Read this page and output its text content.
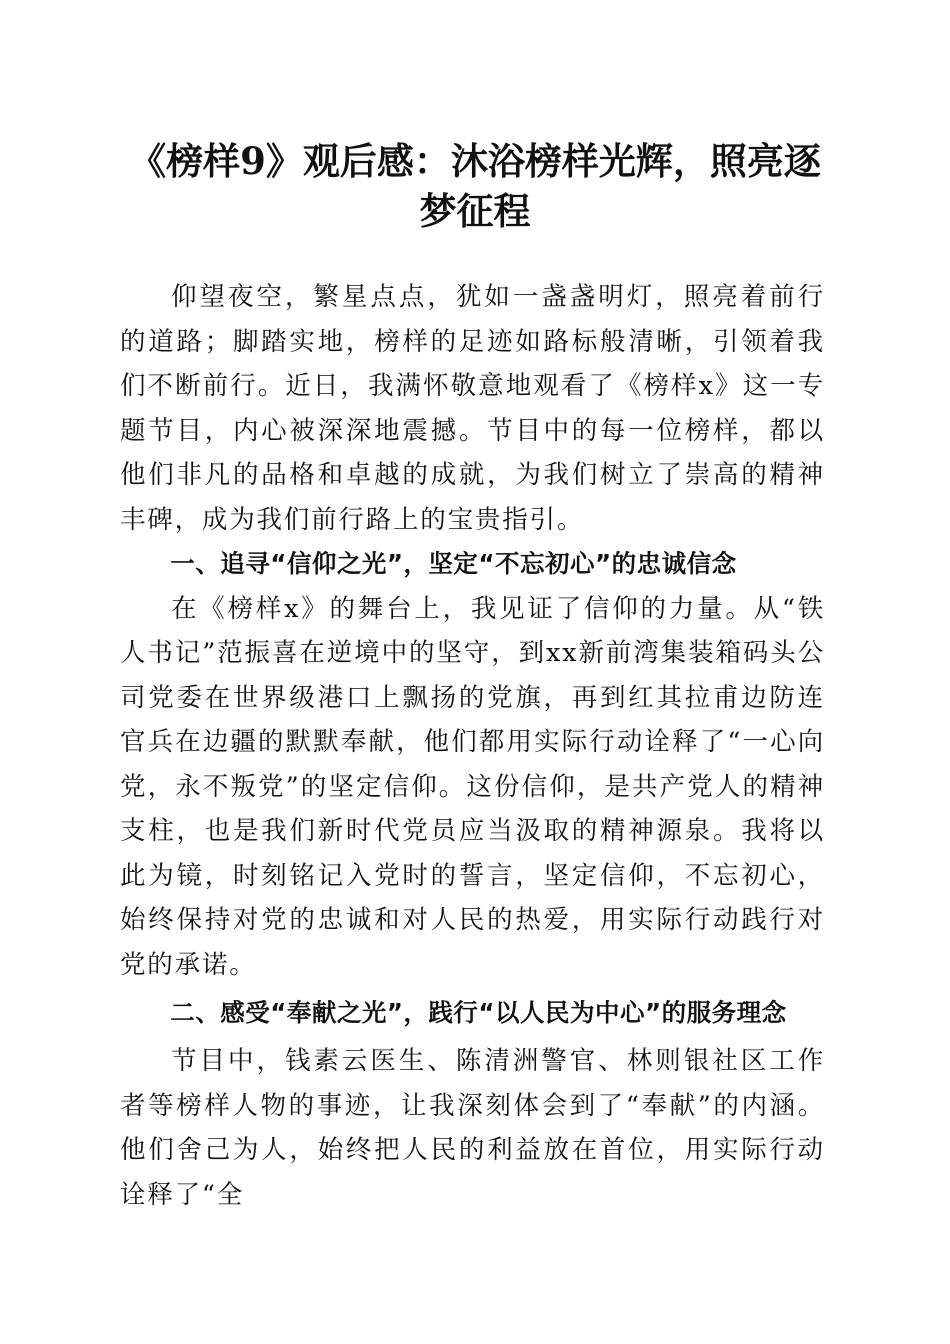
《榜样9》观后感：沐浴榜样光辉，照亮逐梦征程

仰望夜空，繁星点点，犹如一盏盏明灯，照亮着前行的道路；脚踏实地，榜样的足迹如路标般清晰，引领着我们不断前行。近日，我满怀敬意地观看了《榜样x》这一专题节目，内心被深深地震撼。节目中的每一位榜样，都以他们非凡的品格和卓越的成就，为我们树立了崇高的精神丰碑，成为我们前行路上的宝贵指引。

一、追寻“信仰之光”，坚定“不忘初心”的忠诚信念

在《榜样x》的舞台上，我见证了信仰的力量。从“铁人书记”范振喜在逆境中的坚守，到xx新前湾集装箱码头公司党委在世界级港口上飘扬的党旗，再到红其拉甫边防连官兵在边疆的默默奉献，他们都用实际行动诠释了“一心向党，永不叛党”的坚定信仰。这份信仰，是共产党人的精神支柱，也是我们新时代党员应当汲取的精神源泉。我将以此为镜，时刻铭记入党时的誓言，坚定信仰，不忘初心，始终保持对党的忠诚和对人民的热爱，用实际行动践行对党的承诺。

二、感受“奉献之光”，践行“以人民为中心”的服务理念

节目中，钱素云医生、陈清洲警官、林则银社区工作者等榜样人物的事迹，让我深刻体会到了“奉献”的内涵。他们舍己为人，始终把人民的利益放在首位，用实际行动诠释了“全
